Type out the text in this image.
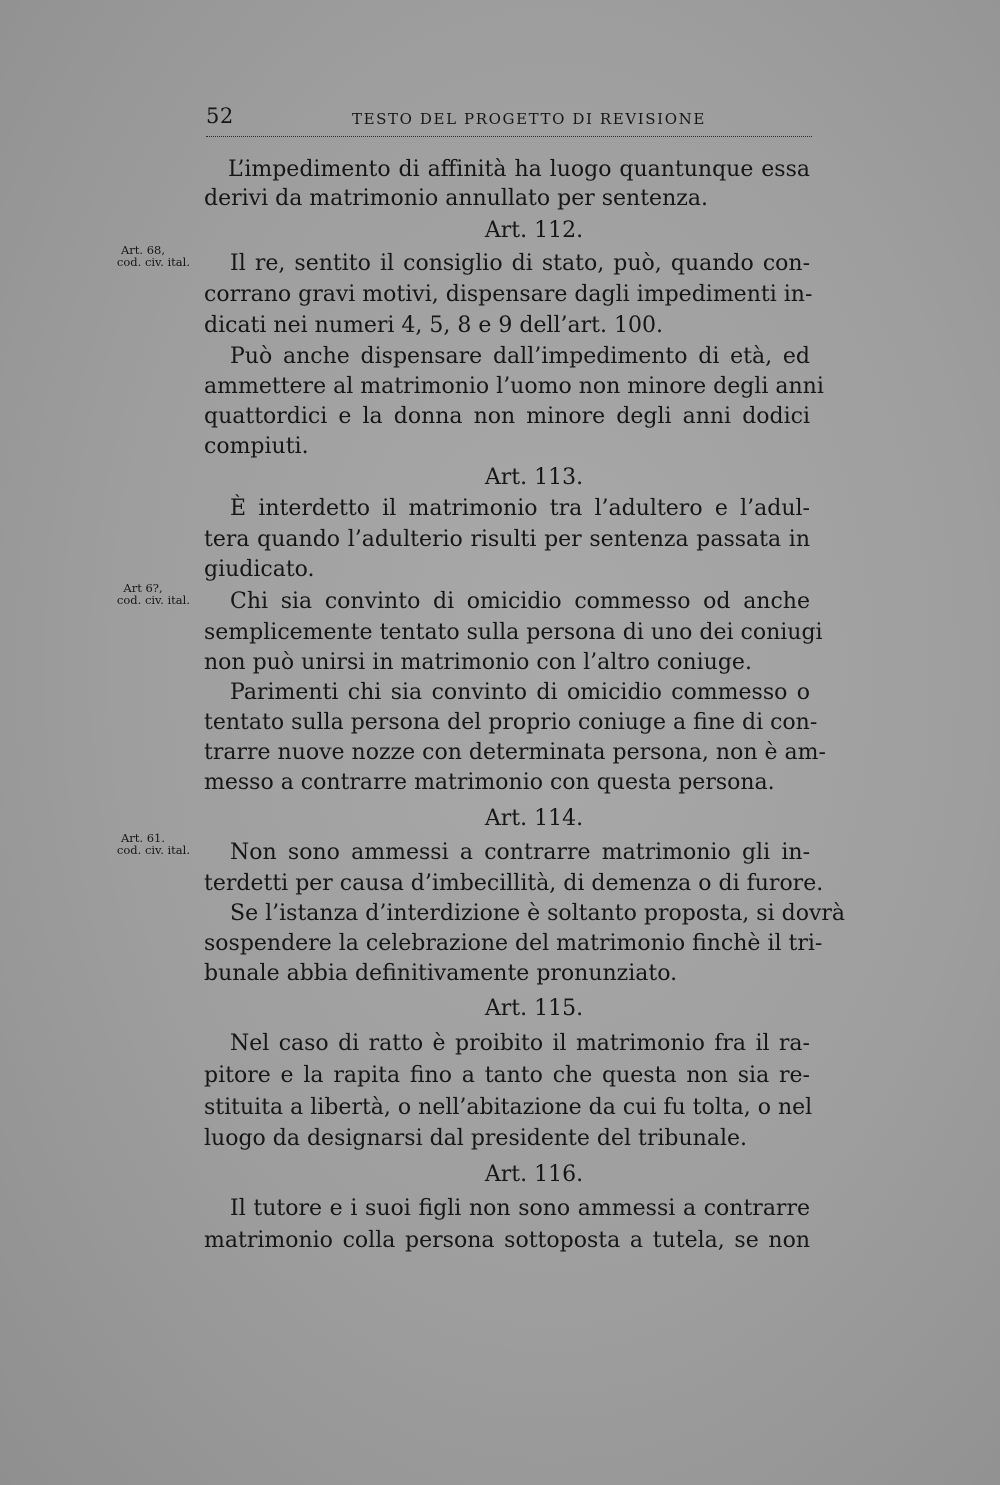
52	TESTO DEL PROGETTO DI REVISIONE
Art. 68,
cod. civ. ital.
Art 6?,
cod. civ. ital.
Art. 61.
cod. civ. ital.
L’impedimento di affinità ha luogo quantunque essa
derivi da matrimonio annullato per sentenza.
Art. 112.
Il re, sentito il consiglio di stato, può, quando con-
corrano gravi motivi, dispensare dagli impedimenti in-
dicati nei numeri 4, 5, 8 e 9 dell’art. 100.
Può anche dispensare dall’impedimento di età, ed
ammettere al matrimonio l’uomo non minore degli anni
quattordici e la donna non minore degli anni dodici
compiuti.
Art. 113.
È interdetto il matrimonio tra l’adultero e l’adul-
tera quando l’adulterio risulti per sentenza passata in
giudicato.
Chi sia convinto di omicidio commesso od anche
semplicemente tentato sulla persona di uno dei coniugi
non può unirsi in matrimonio con l’altro coniuge.
Parimenti chi sia convinto di omicidio commesso o
tentato sulla persona del proprio coniuge a fine di con-
trarre nuove nozze con determinata persona, non è am-
messo a contrarre matrimonio con questa persona.
Art. 114.
Non sono ammessi a contrarre matrimonio gli in-
terdetti per causa d’imbecillità, di demenza o di furore.
Se l’istanza d’interdizione è soltanto proposta, si dovrà
sospendere la celebrazione del matrimonio finchè il tri-
bunale abbia definitivamente pronunziato.
Art. 115.
Nel caso di ratto è proibito il matrimonio fra il ra-
pitore e la rapita fino a tanto che questa non sia re-
stituita a libertà, o nell’abitazione da cui fu tolta, o nel
luogo da designarsi dal presidente del tribunale.
Art. 116.
Il tutore e i suoi figli non sono ammessi a contrarre
matrimonio colla persona sottoposta a tutela, se non
